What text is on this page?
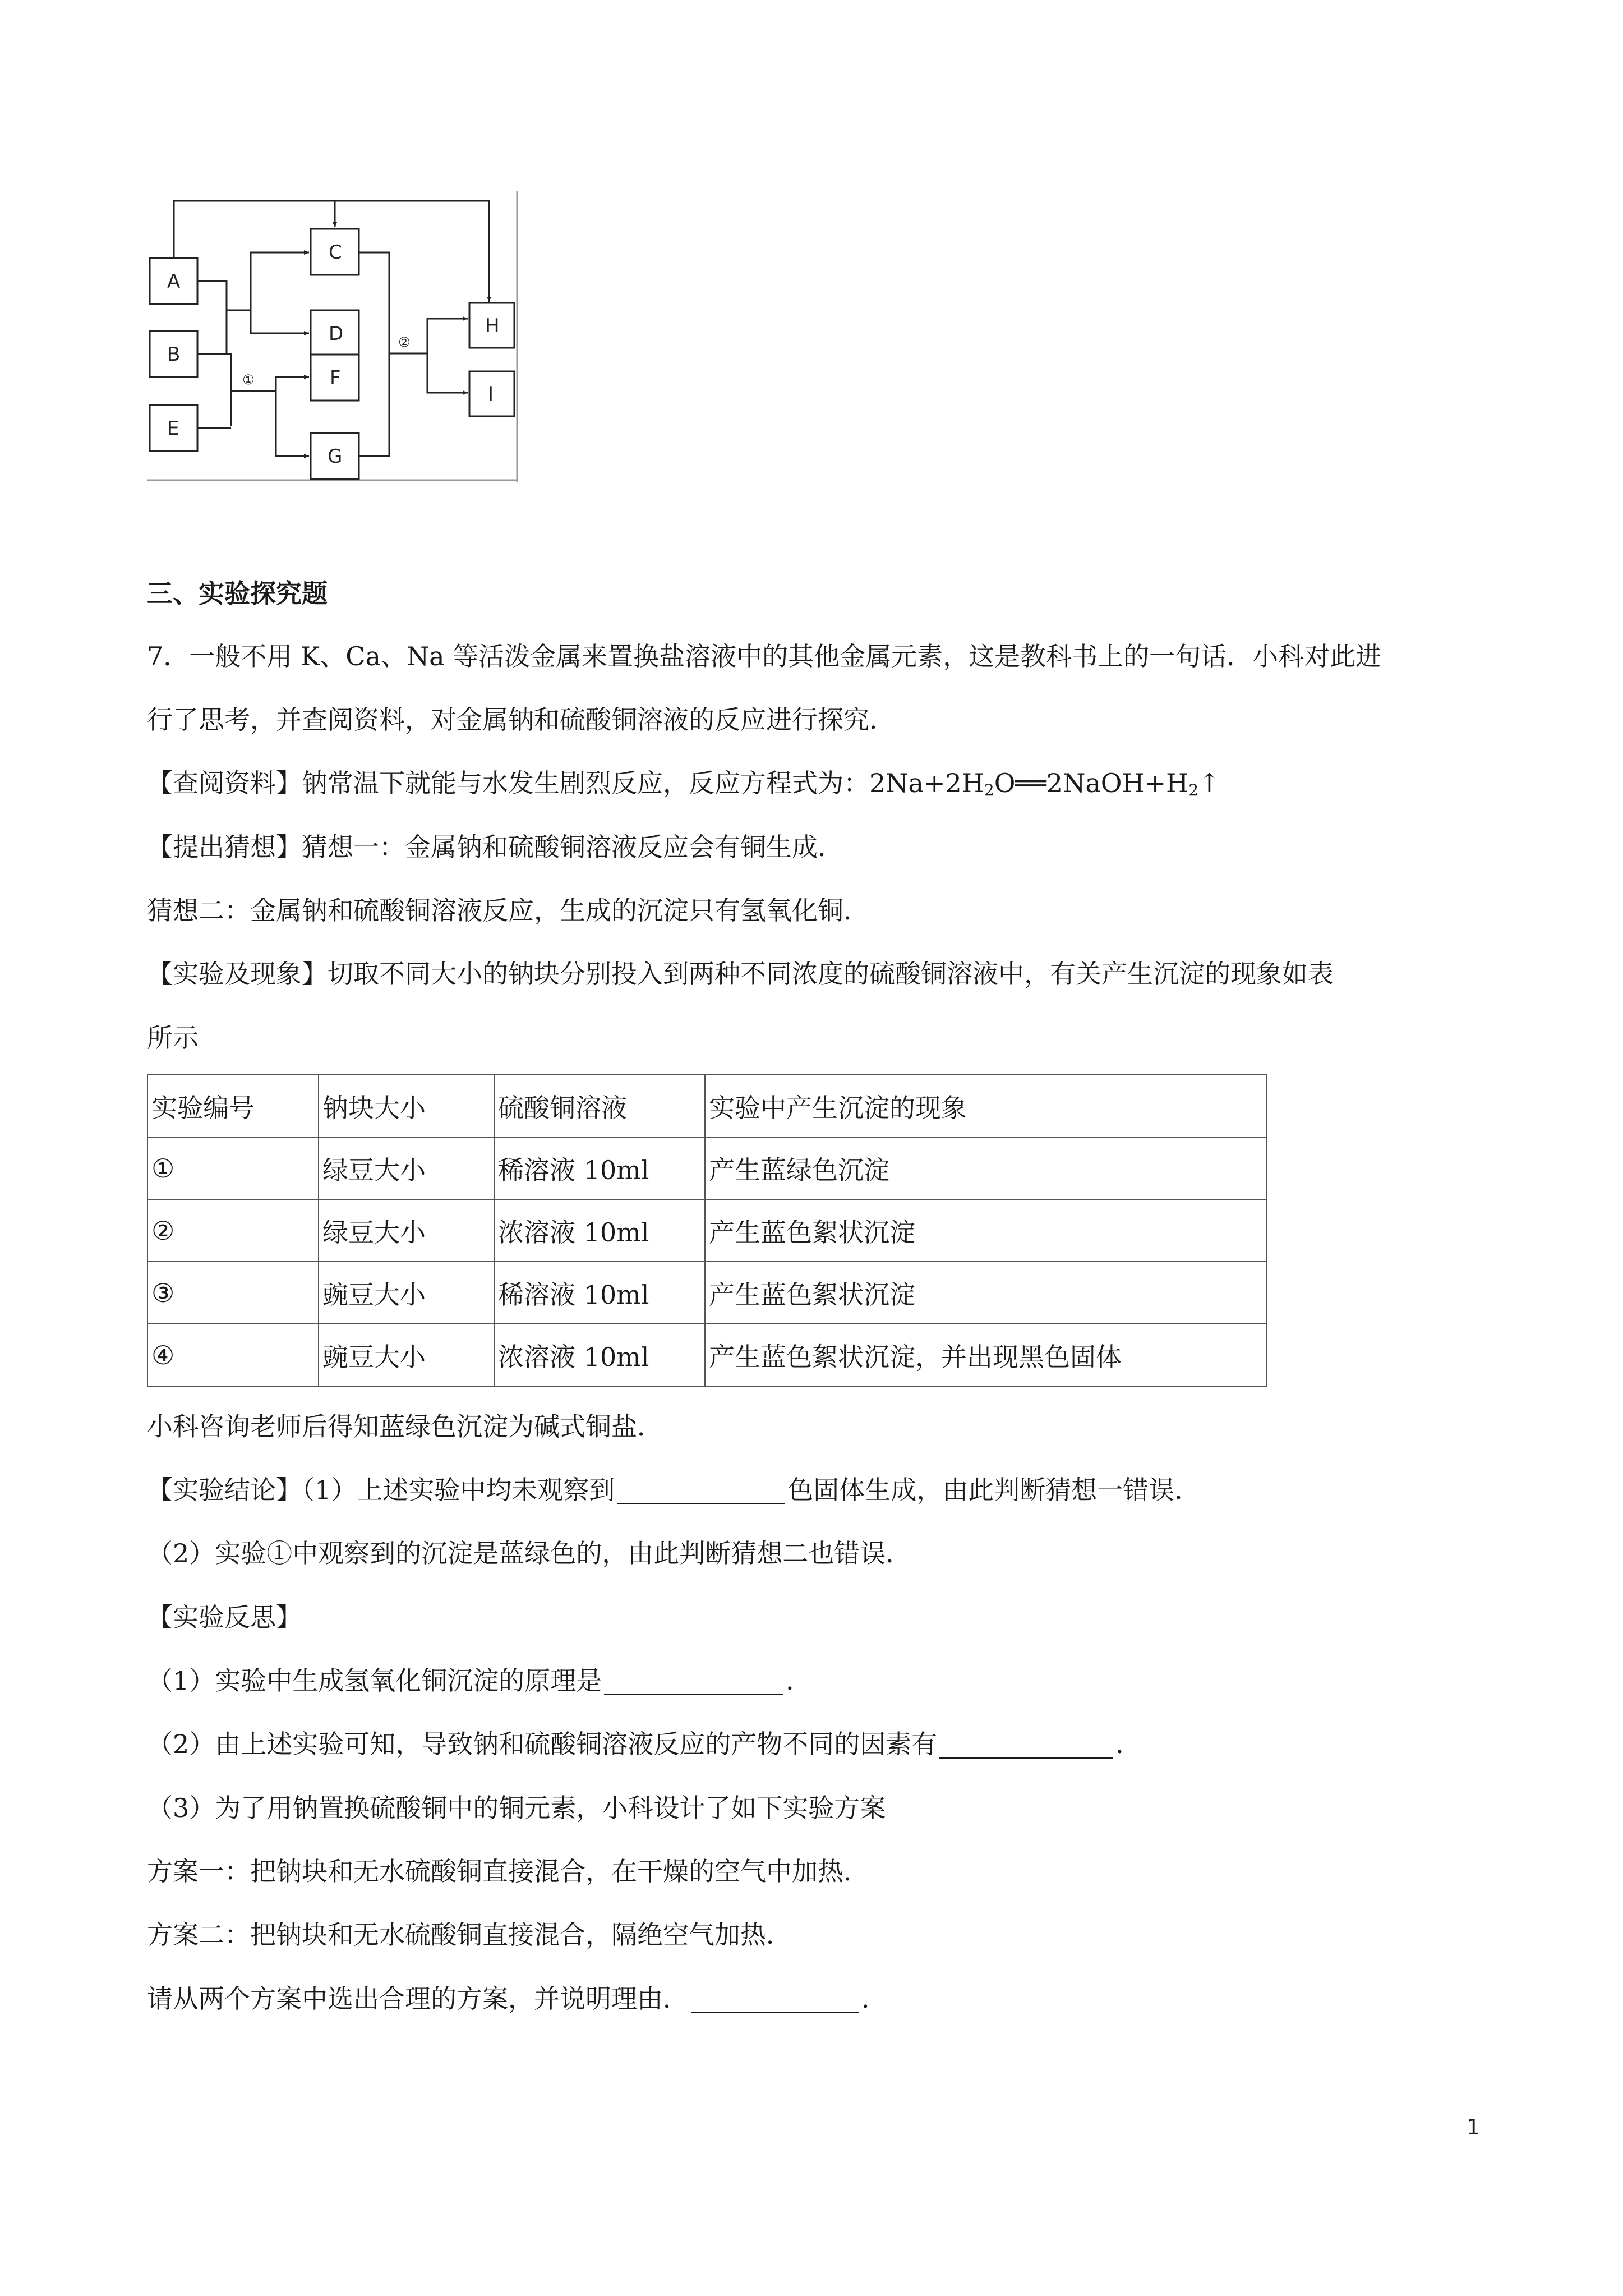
①
②
A
B
E
C
D
F
G
H
I
三、实验探究题
7．一般不用 K、Ca、Na 等活泼金属来置换盐溶液中的其他金属元素，这是教科书上的一句话．小科对此进
行了思考，并查阅资料，对金属钠和硫酸铜溶液的反应进行探究．
【查阅资料】钠常温下就能与水发生剧烈反应，反应方程式为：$2Na+2H_2O══2NaOH+H_2↑$
【提出猜想】猜想一：金属钠和硫酸铜溶液反应会有铜生成．
猜想二：金属钠和硫酸铜溶液反应，生成的沉淀只有氢氧化铜．
【实验及现象】切取不同大小的钠块分别投入到两种不同浓度的硫酸铜溶液中，有关产生沉淀的现象如表
所示
实验编号	钠块大小	硫酸铜溶液	实验中产生沉淀的现象
①	绿豆大小	稀溶液 10ml	产生蓝绿色沉淀
②	绿豆大小	浓溶液 10ml	产生蓝色絮状沉淀
③	豌豆大小	稀溶液 10ml	产生蓝色絮状沉淀
④	豌豆大小	浓溶液 10ml	产生蓝色絮状沉淀，并出现黑色固体
小科咨询老师后得知蓝绿色沉淀为碱式铜盐．
【实验结论】（1）上述实验中均未观察到	色固体生成，由此判断猜想一错误．
（2）实验①中观察到的沉淀是蓝绿色的，由此判断猜想二也错误．
【实验反思】
（1）实验中生成氢氧化铜沉淀的原理是	．
（2）由上述实验可知，导致钠和硫酸铜溶液反应的产物不同的因素有	．
（3）为了用钠置换硫酸铜中的铜元素，小科设计了如下实验方案
方案一：把钠块和无水硫酸铜直接混合，在干燥的空气中加热．
方案二：把钠块和无水硫酸铜直接混合，隔绝空气加热．
请从两个方案中选出合理的方案，并说明理由．	．
1
